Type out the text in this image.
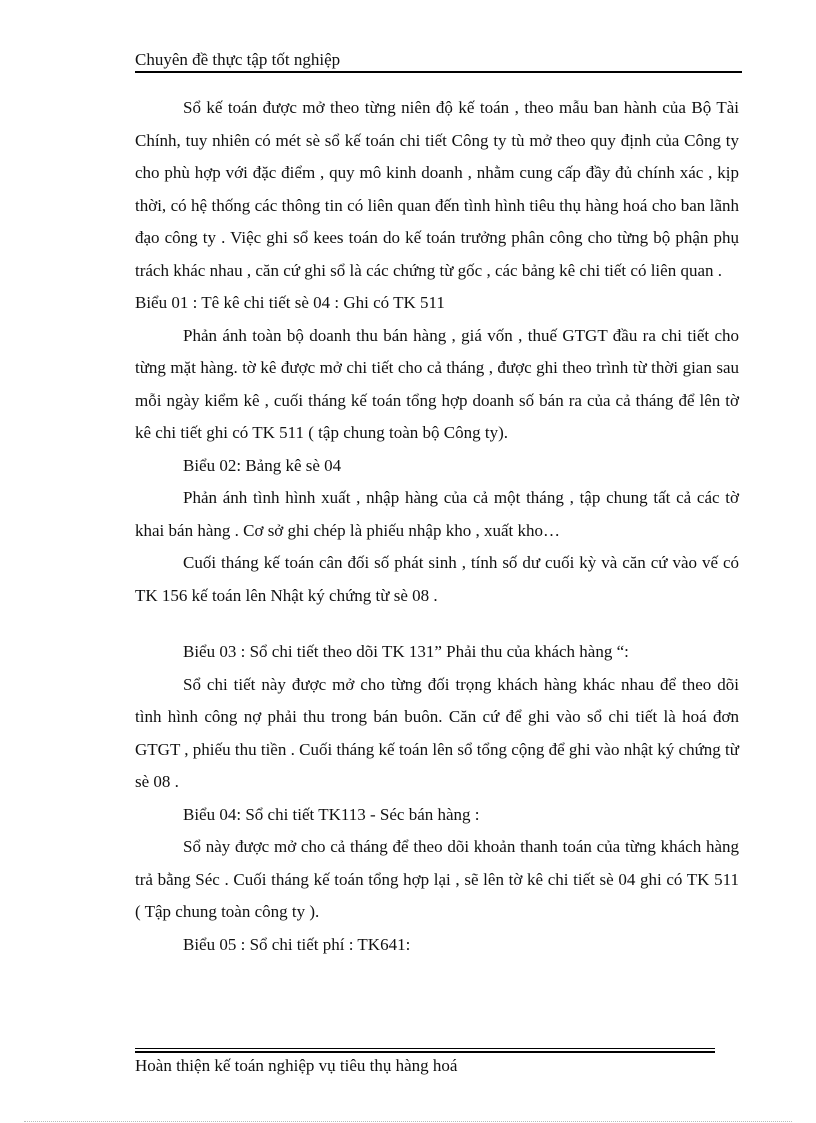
Chuyên đề thực tập tốt nghiệp

Sổ kế toán được mở theo từng niên độ kế toán , theo mẫu ban hành của Bộ Tài Chính, tuy nhiên có mét sè sổ kế toán chi tiết Công ty tù mở theo quy định của Công ty cho phù hợp với đặc điểm , quy mô kinh doanh , nhằm cung cấp đầy đủ chính xác , kịp thời, có hệ thống các thông tin có liên quan đến tình hình tiêu thụ hàng hoá cho ban lãnh đạo công ty . Việc ghi sổ kees toán do kế toán trưởng phân công cho từng bộ phận phụ trách khác nhau , căn cứ ghi sổ là các chứng từ gốc , các bảng kê chi tiết có liên quan .

Biểu 01 : Tê kê chi tiết sè 04 : Ghi có TK 511

Phản ánh toàn bộ doanh thu bán hàng , giá vốn , thuế GTGT đầu ra chi tiết cho từng mặt hàng. tờ kê được mở chi tiết cho cả tháng , được ghi theo trình từ thời gian sau mỗi ngày kiểm kê , cuối tháng kế toán tổng hợp doanh số bán ra của cả tháng để lên tờ kê chi tiết ghi có TK 511 ( tập chung toàn bộ Công ty).

Biểu 02: Bảng kê sè 04

Phản ánh tình hình xuất , nhập hàng của cả một tháng , tập chung tất cả các tờ khai bán hàng . Cơ sở ghi chép là phiếu nhập kho , xuất kho…

Cuối tháng kế toán cân đối số phát sinh , tính số dư cuối kỳ và căn cứ vào vế có TK 156 kế toán lên Nhật ký chứng từ sè 08 .

Biểu 03 : Sổ chi tiết theo dõi TK 131” Phải thu của khách hàng “:

Sổ chi tiết này được mở cho từng đối trọng khách hàng khác nhau để theo dõi tình hình công nợ phải thu trong bán buôn. Căn cứ để ghi vào sổ chi tiết là hoá đơn GTGT , phiếu thu tiền . Cuối tháng kế toán lên sổ tổng cộng để ghi vào nhật ký chứng từ sè 08 .

Biểu 04: Sổ chi tiết TK113 - Séc bán hàng :

Sổ này được mở cho cả tháng để theo dõi khoản thanh toán của từng khách hàng trả bằng Séc . Cuối tháng kế toán tổng hợp lại , sẽ lên tờ kê chi tiết sè 04 ghi có TK 511 ( Tập chung toàn công ty ).

Biểu 05 : Sổ chi tiết phí : TK641:

Hoàn thiện kế toán nghiệp vụ tiêu thụ hàng hoá
